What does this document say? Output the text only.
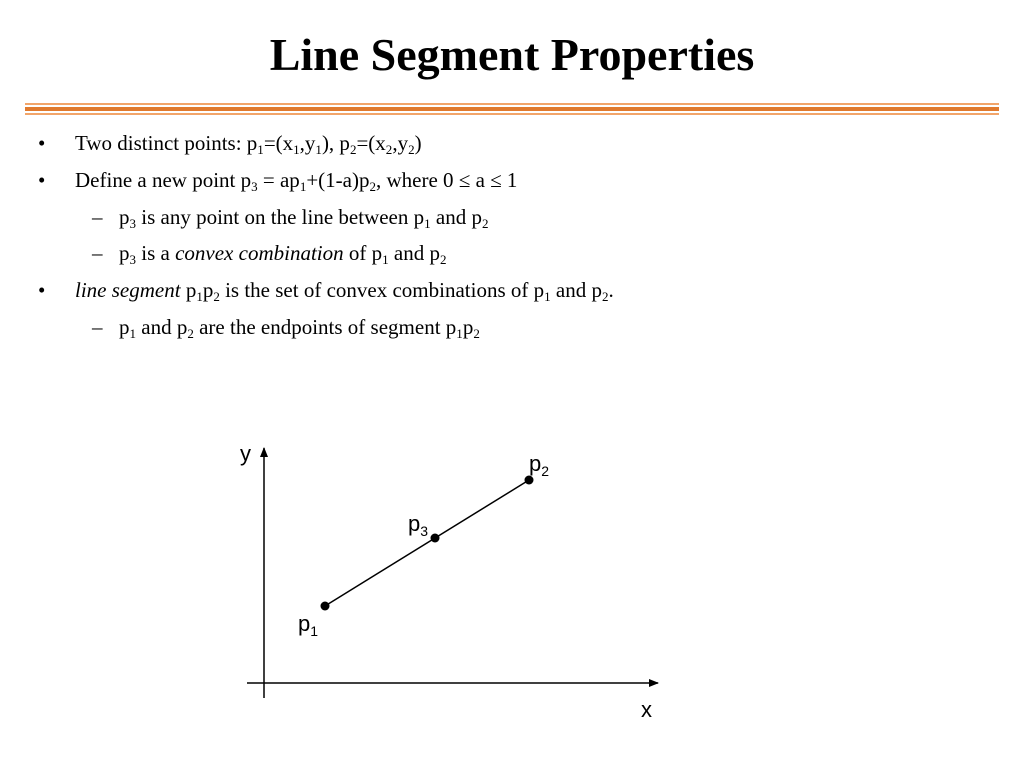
Line Segment Properties
• Two distinct points: $p_1=(x_1,y_1)$, $p_2=(x_2,y_2)$
• Define a new point $p_3 = ap_1+(1-a)p_2$, where 0 ≤ a ≤ 1
– $p_3$ is any point on the line between $p_1$ and $p_2$
– $p_3$ is a convex combination of $p_1$ and $p_2$
• line segment $p_1p_2$ is the set of convex combinations of $p_1$ and $p_2$.
– $p_1$ and $p_2$ are the endpoints of segment $p_1p_2$
y
x
p2
p3
p1
